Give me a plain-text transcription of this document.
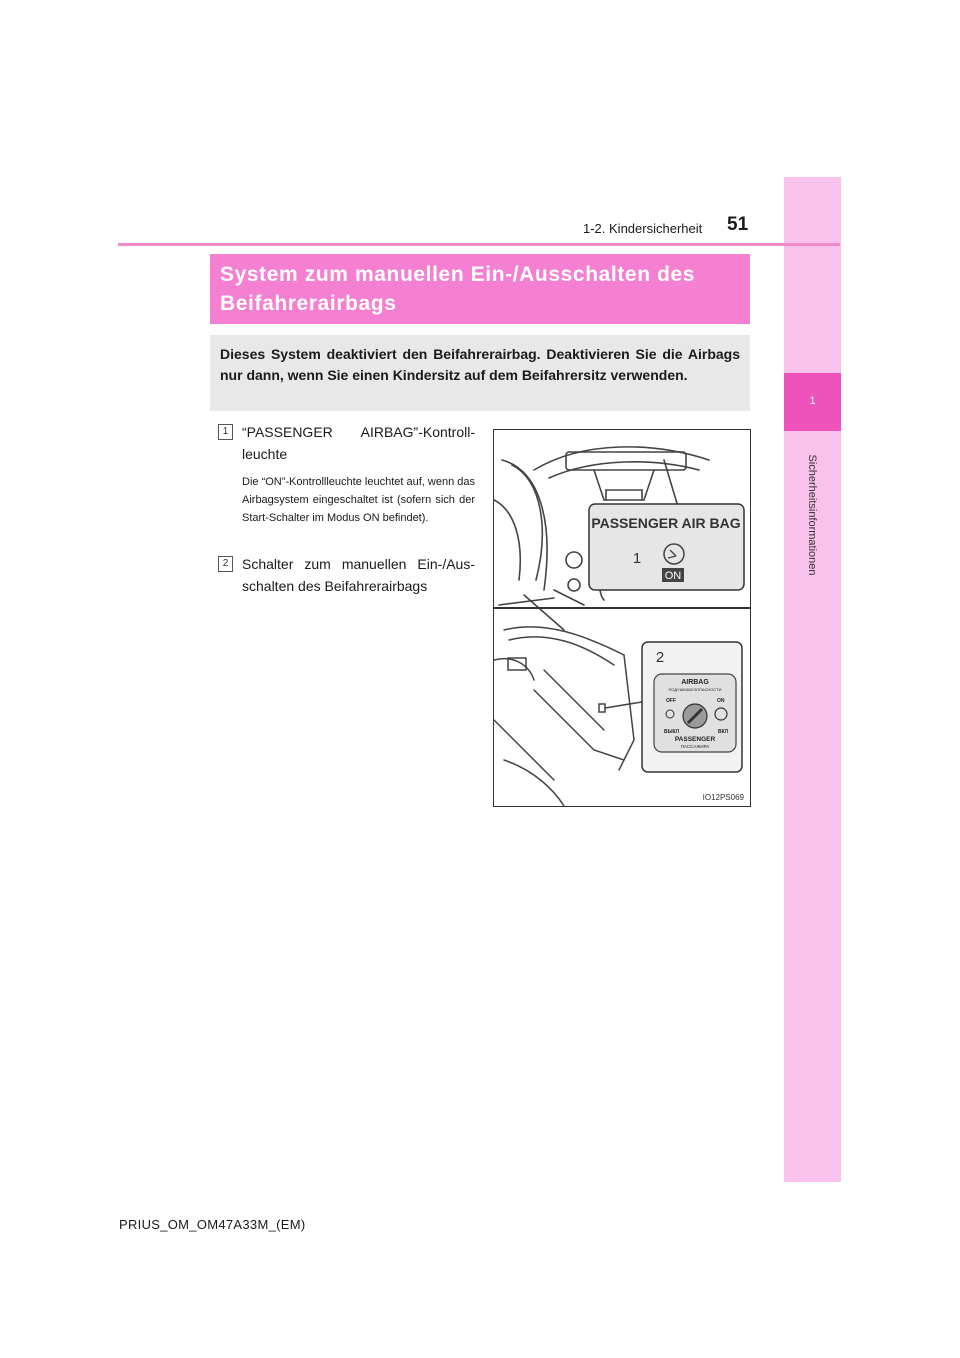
1
Sicherheitsinformationen
1-2. Kindersicherheit 51
System zum manuellen Ein-/Ausschalten des Beifahrerairbags

Dieses System deaktiviert den Beifahrerairbag. Deaktivieren Sie die Airbags nur dann, wenn Sie einen Kindersitz auf dem Beifahrersitz verwenden.

1 “PASSENGER AIRBAG”-Kontroll-leuchte

Die “ON”-Kontrollleuchte leuchtet auf, wenn das Airbagsystem eingeschaltet ist (sofern sich der Start-Schalter im Modus ON befindet).

2 Schalter zum manuellen Ein-/Aus-schalten des Beifahrerairbags

PASSENGER AIR BAG
1
ON
2
AIRBAG
ПОДУШКАБЕЗОПАСНОСТИ
OFF	ON
ВЫКЛ	ВКЛ
PASSENGER
ПАССАЖИРА
IO12PS069
PRIUS_OM_OM47A33M_(EM)
